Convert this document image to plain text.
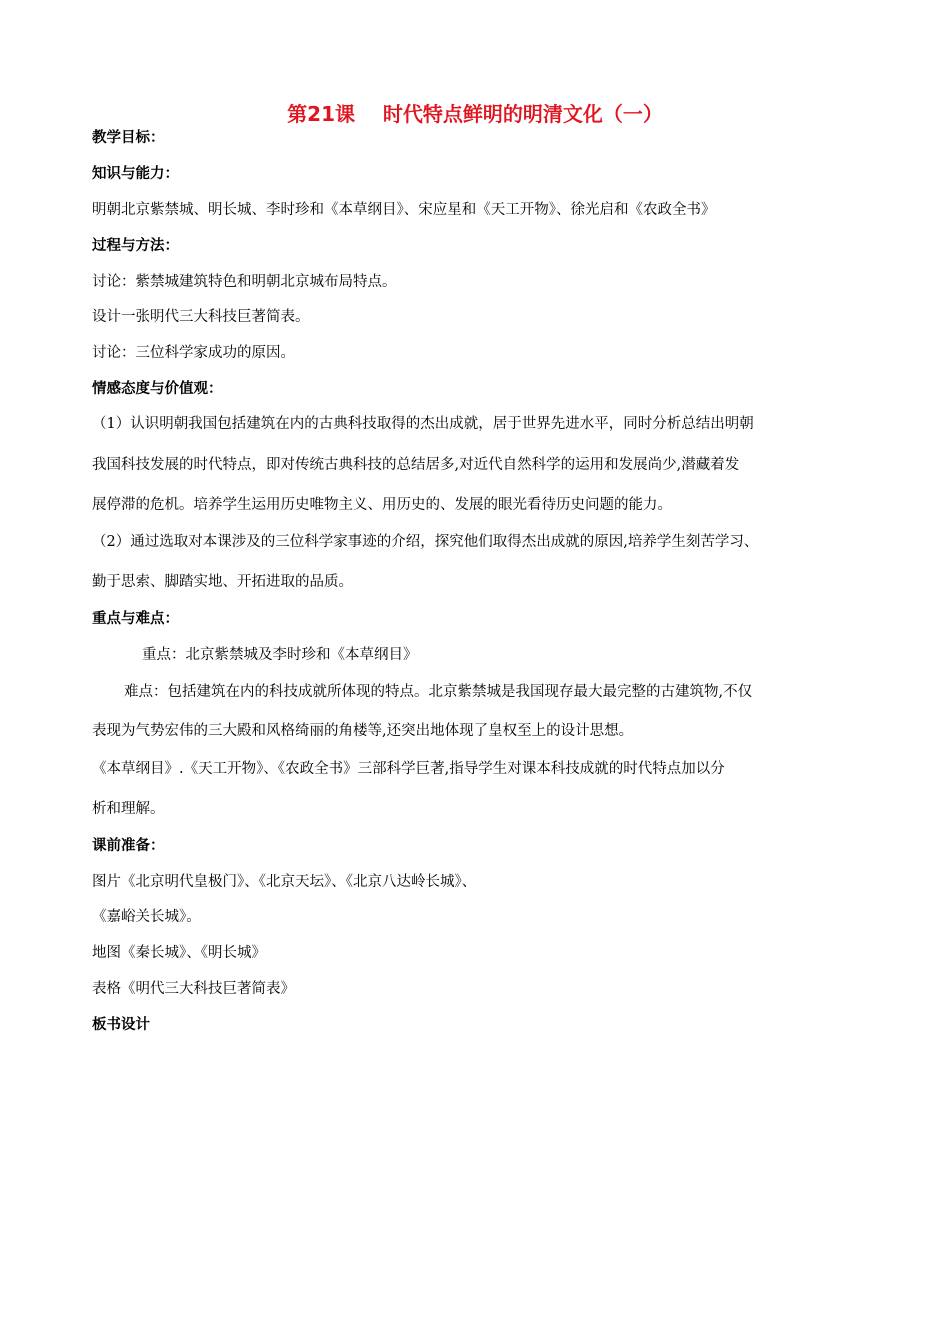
第21课    时代特点鲜明的明清文化（一）
教学目标：
知识与能力：
明朝北京紫禁城、明长城、李时珍和《本草纲目》、宋应星和《天工开物》、徐光启和《农政全书》
过程与方法：
讨论：紫禁城建筑特色和明朝北京城布局特点。
设计一张明代三大科技巨著简表。
讨论：三位科学家成功的原因。
情感态度与价值观：
（1）认识明朝我国包括建筑在内的古典科技取得的杰出成就，居于世界先进水平，同时分析总结出明朝
我国科技发展的时代特点，即对传统古典科技的总结居多,对近代自然科学的运用和发展尚少,潜藏着发
展停滞的危机。培养学生运用历史唯物主义、用历史的、发展的眼光看待历史问题的能力。
（2）通过选取对本课涉及的三位科学家事迹的介绍，探究他们取得杰出成就的原因,培养学生刻苦学习、
勤于思索、脚踏实地、开拓进取的品质。
重点与难点：
重点：北京紫禁城及李时珍和《本草纲目》
难点：包括建筑在内的科技成就所体现的特点。北京紫禁城是我国现存最大最完整的古建筑物,不仅
表现为气势宏伟的三大殿和风格绮丽的角楼等,还突出地体现了皇权至上的设计思想。
《本草纲目》.《天工开物》、《农政全书》三部科学巨著,指导学生对课本科技成就的时代特点加以分
析和理解。
课前准备：
图片《北京明代皇极门》、《北京天坛》、《北京八达岭长城》、
《嘉峪关长城》。
地图《秦长城》、《明长城》
表格《明代三大科技巨著简表》
板书设计
